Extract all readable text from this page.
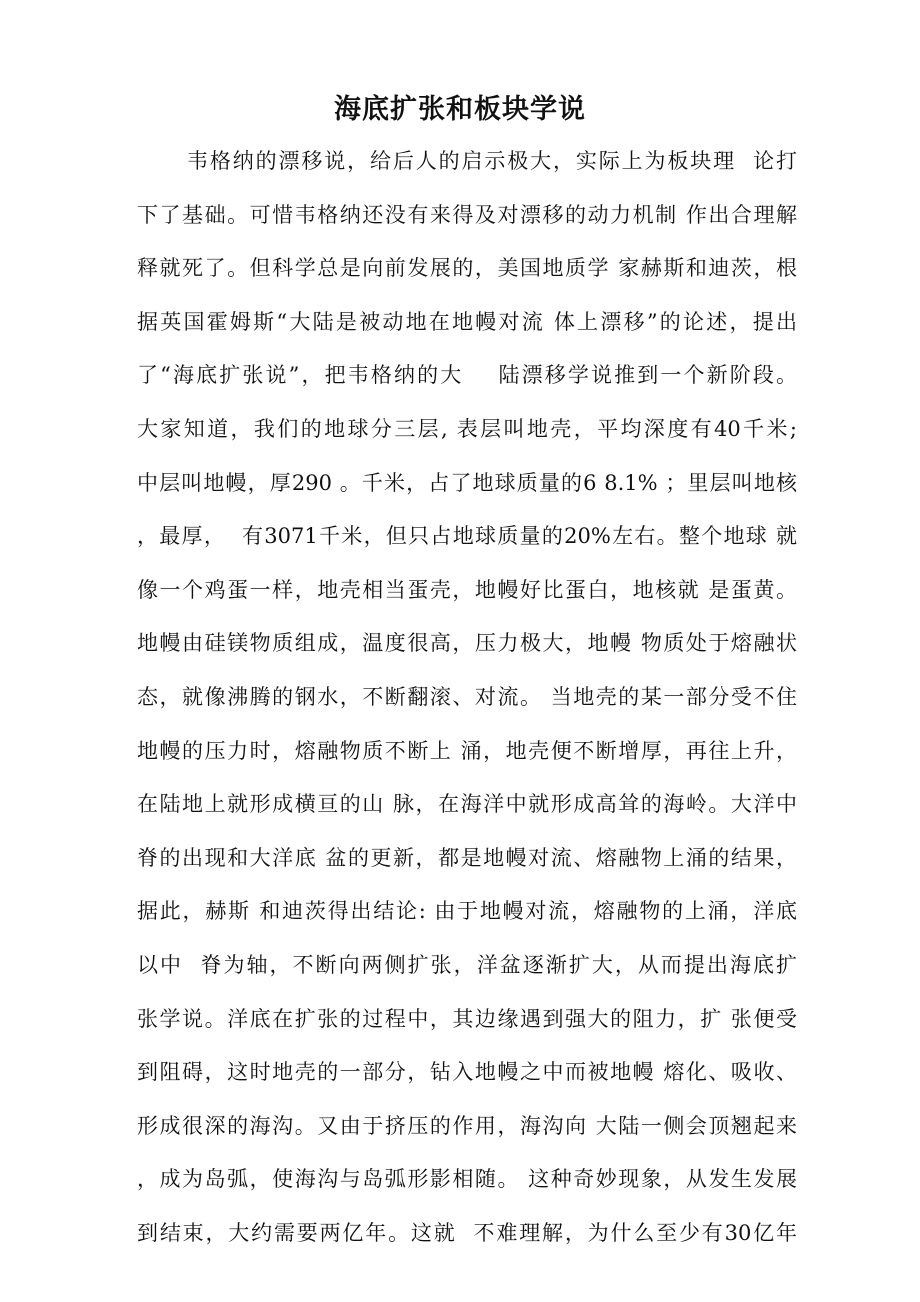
海底扩张和板块学说
韦格纳的漂移说，给后人的启示极大，实际上为板块理  论打
下了基础。可惜韦格纳还没有来得及对漂移的动力机制 作出合理解
释就死了。但科学总是向前发展的，美国地质学 家赫斯和迪茨，根
据英国霍姆斯“大陆是被动地在地幔对流 体上漂移”的论述，提出
了“海底扩张说”，把韦格纳的大    陆漂移学说推到一个新阶段。
大家知道，我们的地球分三层, 表层叫地壳，平均深度有40千米;
中层叫地幔，厚290 。千米，占了地球质量的6 8.1% ；里层叫地核
，最厚，  有3071千米，但只占地球质量的20%左右。整个地球 就
像一个鸡蛋一样，地壳相当蛋壳，地幔好比蛋白，地核就 是蛋黄。
地幔由硅镁物质组成，温度很高，压力极大，地幔 物质处于熔融状
态，就像沸腾的钢水，不断翻滚、对流。 当地壳的某一部分受不住
地幔的压力时，熔融物质不断上 涌，地壳便不断增厚，再往上升，
在陆地上就形成横亘的山 脉，在海洋中就形成高耸的海岭。大洋中
脊的出现和大洋底 盆的更新，都是地幔对流、熔融物上涌的结果，
据此，赫斯 和迪茨得出结论: 由于地幔对流，熔融物的上涌，洋底
以中  脊为轴，不断向两侧扩张，洋盆逐渐扩大，从而提出海底扩
张学说。洋底在扩张的过程中，其边缘遇到强大的阻力，扩 张便受
到阻碍，这时地壳的一部分，钻入地幔之中而被地幔 熔化、吸收、
形成很深的海沟。又由于挤压的作用，海沟向 大陆一侧会顶翘起来
，成为岛弧，使海沟与岛弧形影相随。 这种奇妙现象，从发生发展
到结束，大约需要两亿年。这就  不难理解，为什么至少有30亿年
